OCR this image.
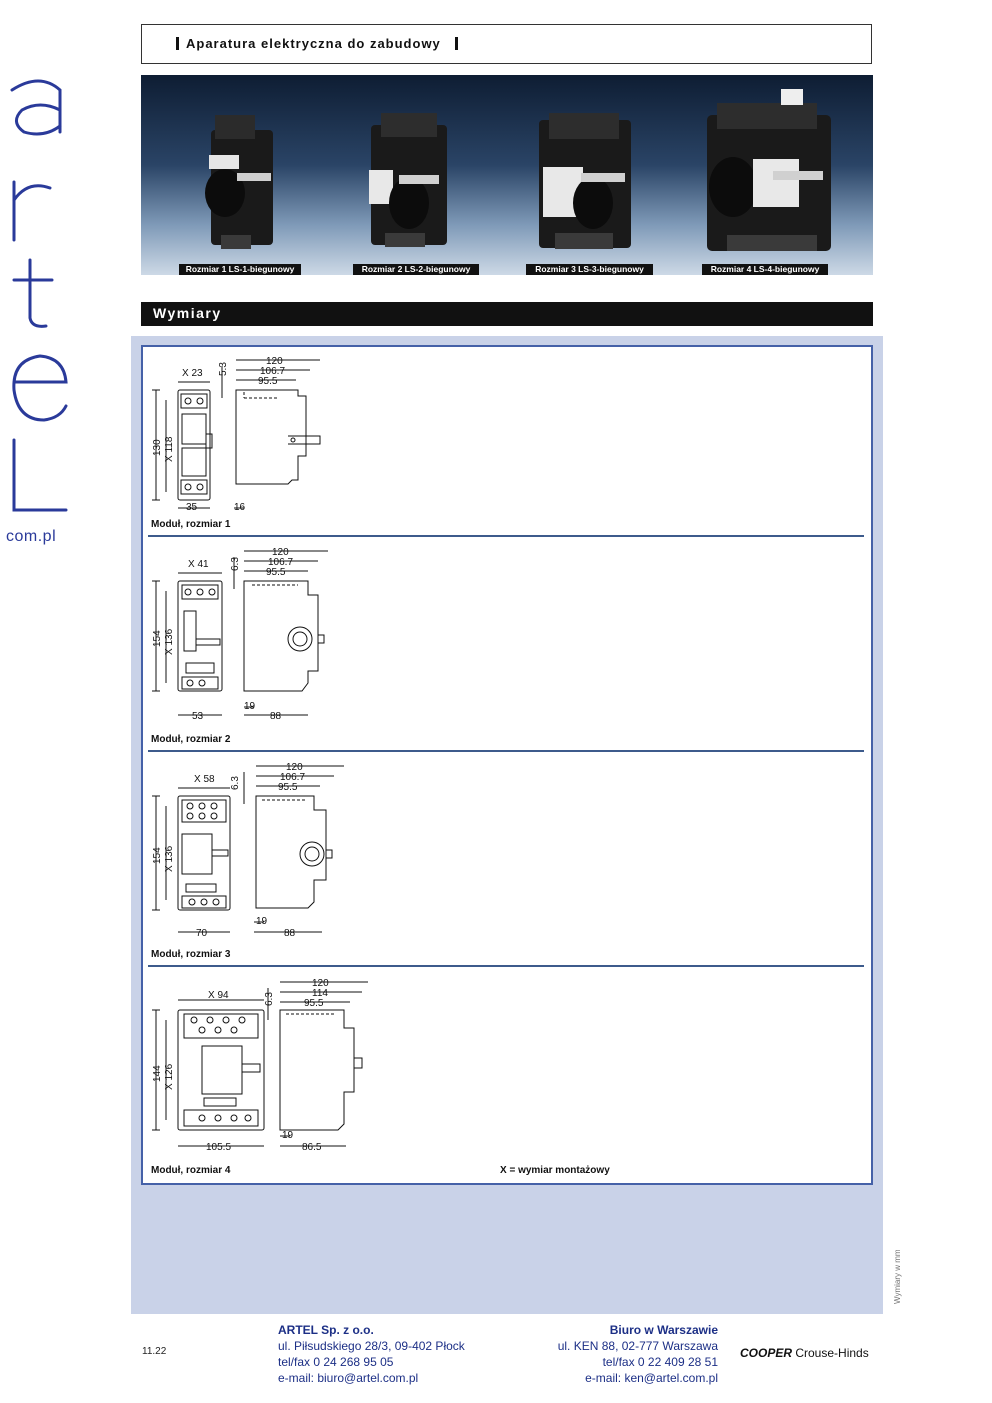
com.pl
Aparatura elektryczna do zabudowy
Rozmiar 1 LS-1-biegunowy	Rozmiar 2 LS-2-biegunowy	Rozmiar 3 LS-3-biegunowy	Rozmiar 4 LS-4-biegunowy
Wymiary
X 23 5.3
120
106.7
95.5
130 X 118
35	16
Moduł, rozmiar 1
X 41 6.3
120
106.7
95.5
154 X 136
53
19
88
Moduł, rozmiar 2
X 58 6.3
120
106.7
95.5
154 X 136
70
19
88
Moduł, rozmiar 3
X 94	6.3
120
114
95.5
144 X 126
105.5
19
86.5
Moduł, rozmiar 4	X = wymiar montażowy
Wymiary w mm
11.22
ARTEL Sp. z o.o.
ul. Piłsudskiego 28/3, 09-402 Płock
tel/fax 0 24 268 95 05
e-mail: biuro@artel.com.pl
Biuro w Warszawie
ul. KEN 88, 02-777 Warszawa
tel/fax 0 22 409 28 51
e-mail: ken@artel.com.pl
COOPER Crouse-Hinds
